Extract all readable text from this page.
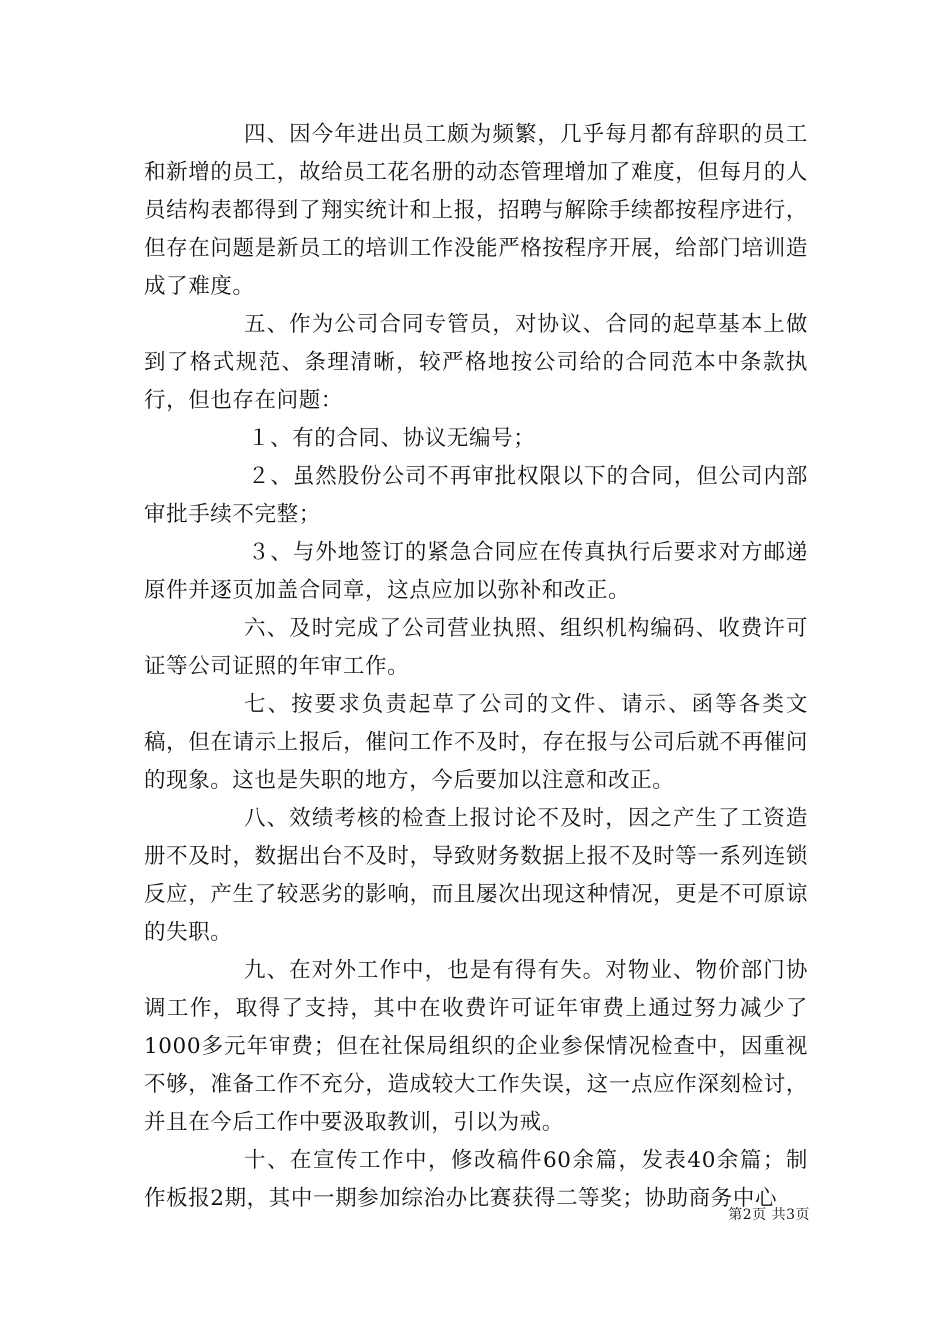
四、因今年进出员工颇为频繁，几乎每月都有辞职的员工和新增的员工，故给员工花名册的动态管理增加了难度，但每月的人员结构表都得到了翔实统计和上报，招聘与解除手续都按程序进行，但存在问题是新员工的培训工作没能严格按程序开展，给部门培训造成了难度。

五、作为公司合同专管员，对协议、合同的起草基本上做到了格式规范、条理清晰，较严格地按公司给的合同范本中条款执行，但也存在问题：

１、有的合同、协议无编号；

２、虽然股份公司不再审批权限以下的合同，但公司内部审批手续不完整；

３、与外地签订的紧急合同应在传真执行后要求对方邮递原件并逐页加盖合同章，这点应加以弥补和改正。

六、及时完成了公司营业执照、组织机构编码、收费许可证等公司证照的年审工作。

七、按要求负责起草了公司的文件、请示、函等各类文稿，但在请示上报后，催问工作不及时，存在报与公司后就不再催问的现象。这也是失职的地方，今后要加以注意和改正。

八、效绩考核的检查上报讨论不及时，因之产生了工资造册不及时，数据出台不及时，导致财务数据上报不及时等一系列连锁反应，产生了较恶劣的影响，而且屡次出现这种情况，更是不可原谅的失职。

九、在对外工作中，也是有得有失。对物业、物价部门协调工作，取得了支持，其中在收费许可证年审费上通过努力减少了1000多元年审费；但在社保局组织的企业参保情况检查中，因重视不够，准备工作不充分，造成较大工作失误，这一点应作深刻检讨，并且在今后工作中要汲取教训，引以为戒。

十、在宣传工作中，修改稿件60余篇，发表40余篇；制作板报2期，其中一期参加综治办比赛获得二等奖；协助商务中心

第2页 共3页
